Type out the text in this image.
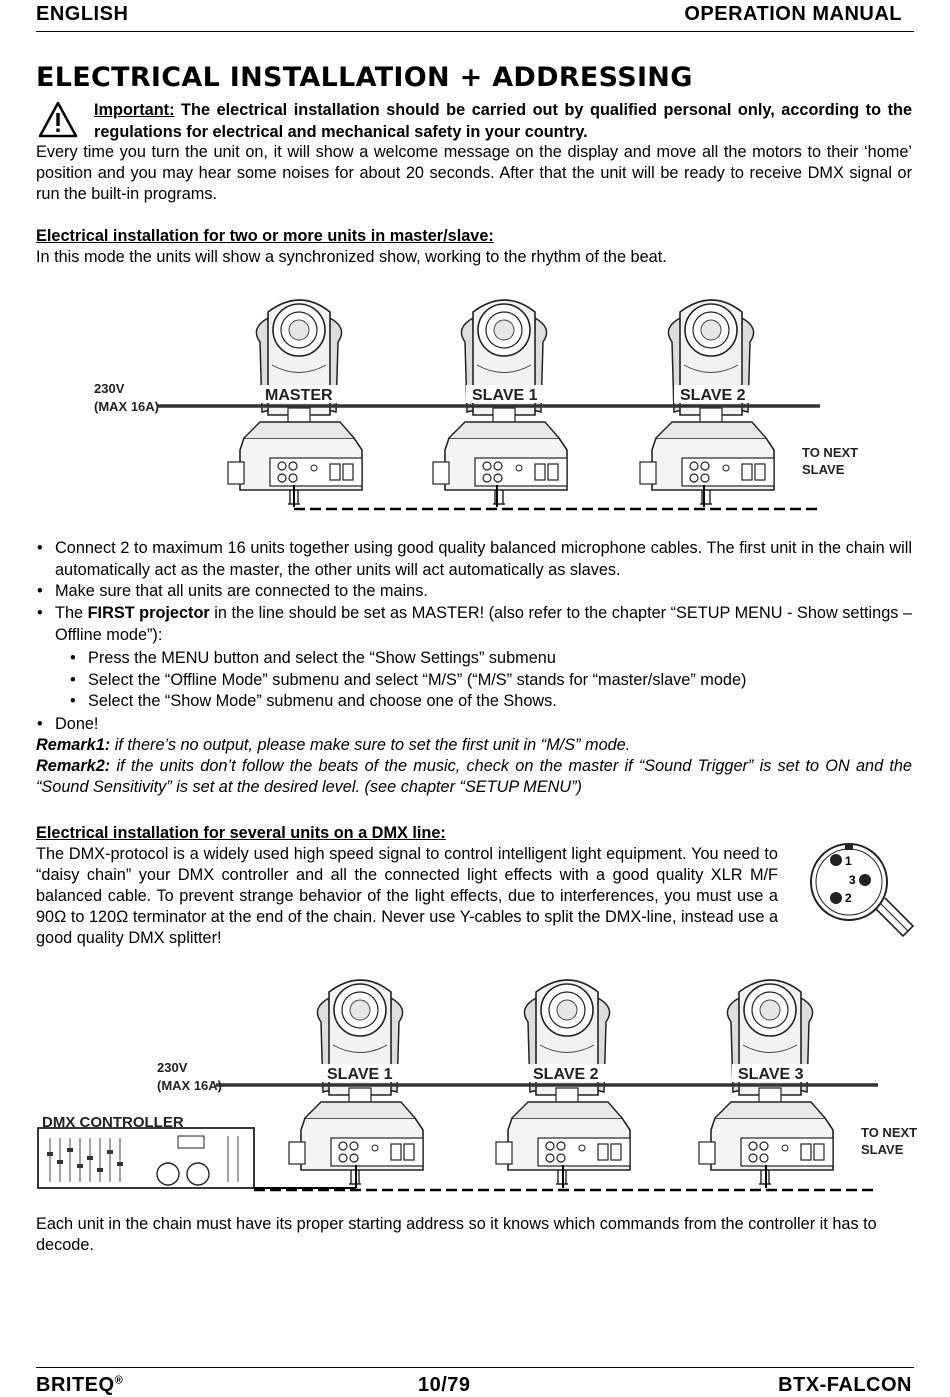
ENGLISH	OPERATION MANUAL
ELECTRICAL INSTALLATION + ADDRESSING
Important: The electrical installation should be carried out by qualified personal only, according to the regulations for electrical and mechanical safety in your country.
Every time you turn the unit on, it will show a welcome message on the display and move all the motors to their ‘home’ position and you may hear some noises for about 20 seconds. After that the unit will be ready to receive DMX signal or run the built-in programs.
Electrical installation for two or more units in master/slave:
In this mode the units will show a synchronized show, working to the rhythm of the beat.
230V
(MAX 16A)
MASTER	SLAVE 1	SLAVE 2
TO NEXT
SLAVE
• Connect 2 to maximum 16 units together using good quality balanced microphone cables. The first unit in the chain will automatically act as the master, the other units will act automatically as slaves.
• Make sure that all units are connected to the mains.
• The FIRST projector in the line should be set as MASTER! (also refer to the chapter “SETUP MENU - Show settings – Offline mode”):
• Press the MENU button and select the “Show Settings” submenu
• Select the “Offline Mode” submenu and select “M/S” (“M/S” stands for “master/slave” mode)
• Select the “Show Mode” submenu and choose one of the Shows.
• Done!
Remark1: if there’s no output, please make sure to set the first unit in “M/S” mode.
Remark2: if the units don’t follow the beats of the music, check on the master if “Sound Trigger” is set to ON and the “Sound Sensitivity” is set at the desired level. (see chapter “SETUP MENU”)
Electrical installation for several units on a DMX line:
The DMX-protocol is a widely used high speed signal to control intelligent light equipment. You need to “daisy chain” your DMX controller and all the connected light effects with a good quality XLR M/F balanced cable. To prevent strange behavior of the light effects, due to interferences, you must use a 90Ω to 120Ω terminator at the end of the chain. Never use Y-cables to split the DMX-line, instead use a good quality DMX splitter!
1
3
2
230V
(MAX 16A)
DMX CONTROLLER
SLAVE 1	SLAVE 2	SLAVE 3
TO NEXT
SLAVE
Each unit in the chain must have its proper starting address so it knows which commands from the controller it has to decode.
BRITEQ®	10/79	BTX-FALCON
